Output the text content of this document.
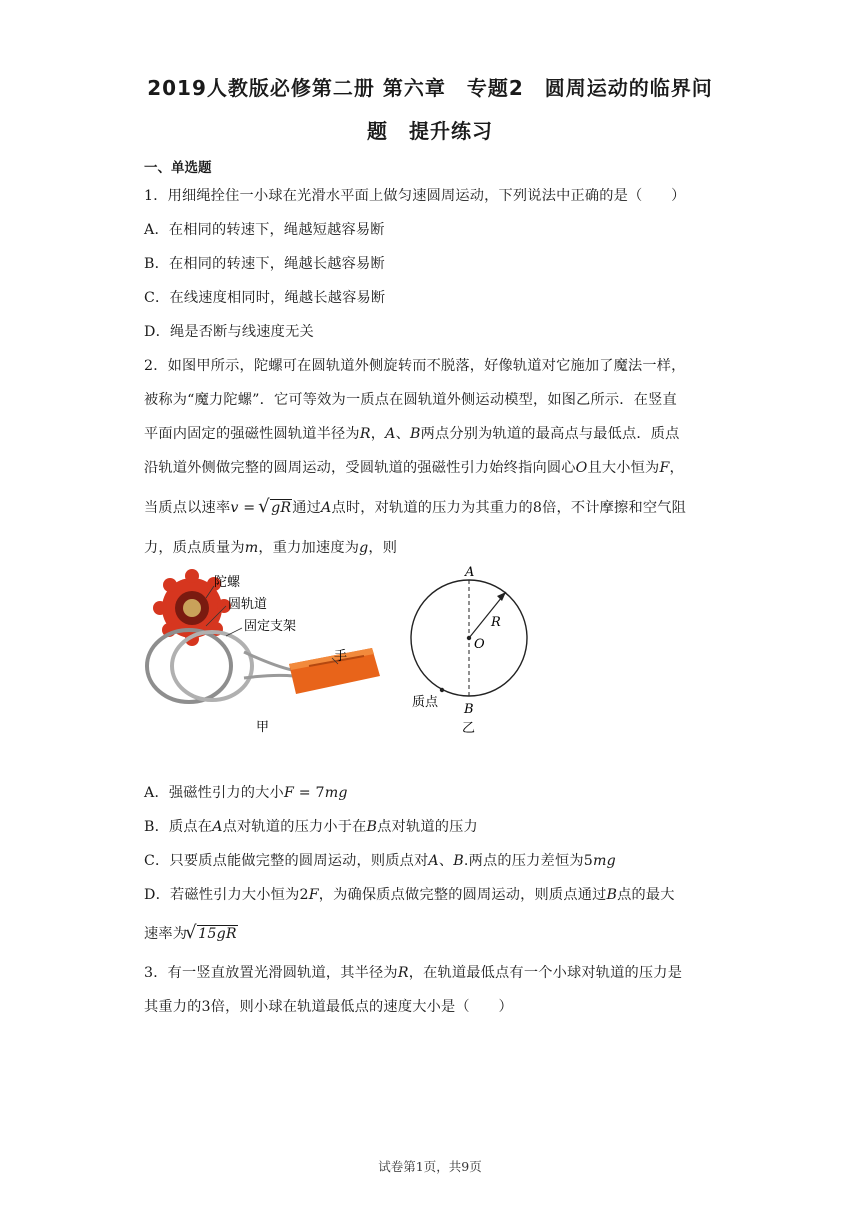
2019人教版必修第二册 第六章　专题2　圆周运动的临界问
题　提升练习
一、单选题
1．用细绳拴住一小球在光滑水平面上做匀速圆周运动，下列说法中正确的是（　　）
A．在相同的转速下，绳越短越容易断
B．在相同的转速下，绳越长越容易断
C．在线速度相同时，绳越长越容易断
D．绳是否断与线速度无关
2．如图甲所示，陀螺可在圆轨道外侧旋转而不脱落，好像轨道对它施加了魔法一样，
被称为“魔力陀螺”．它可等效为一质点在圆轨道外侧运动模型，如图乙所示．在竖直
平面内固定的强磁性圆轨道半径为R，A、B两点分别为轨道的最高点与最低点．质点
沿轨道外侧做完整的圆周运动，受圆轨道的强磁性引力始终指向圆心O且大小恒为F，
当质点以速率v = √ gR通过A点时，对轨道的压力为其重力的8倍，不计摩擦和空气阻
力，质点质量为m，重力加速度为g，则
陀螺
圆轨道
固定支架
手
甲
A
R
O
B
质点
乙
A．强磁性引力的大小F = 7mg
B．质点在A点对轨道的压力小于在B点对轨道的压力
C．只要质点能做完整的圆周运动，则质点对A、B.两点的压力差恒为5mg
D．若磁性引力大小恒为2F，为确保质点做完整的圆周运动，则质点通过B点的最大
速率为√ 15gR
3．有一竖直放置光滑圆轨道，其半径为R，在轨道最低点有一个小球对轨道的压力是
其重力的3倍，则小球在轨道最低点的速度大小是（　　）
试卷第1页，共9页
